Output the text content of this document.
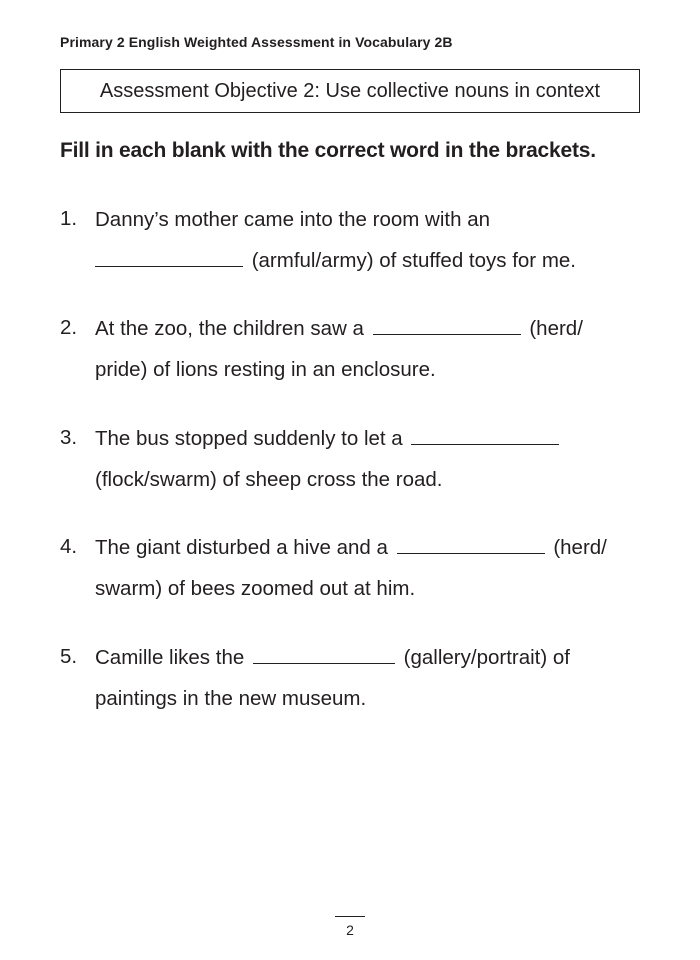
Primary 2 English Weighted Assessment in Vocabulary 2B
Assessment Objective 2: Use collective nouns in context
Fill in each blank with the correct word in the brackets.
1. Danny’s mother came into the room with an
(armful/army) of stuffed toys for me.
2. At the zoo, the children saw a	(herd/
pride) of lions resting in an enclosure.
3. The bus stopped suddenly to let a
(flock/swarm) of sheep cross the road.
4. The giant disturbed a hive and a	(herd/
swarm) of bees zoomed out at him.
5. Camille likes the	(gallery/portrait) of
paintings in the new museum.
2
